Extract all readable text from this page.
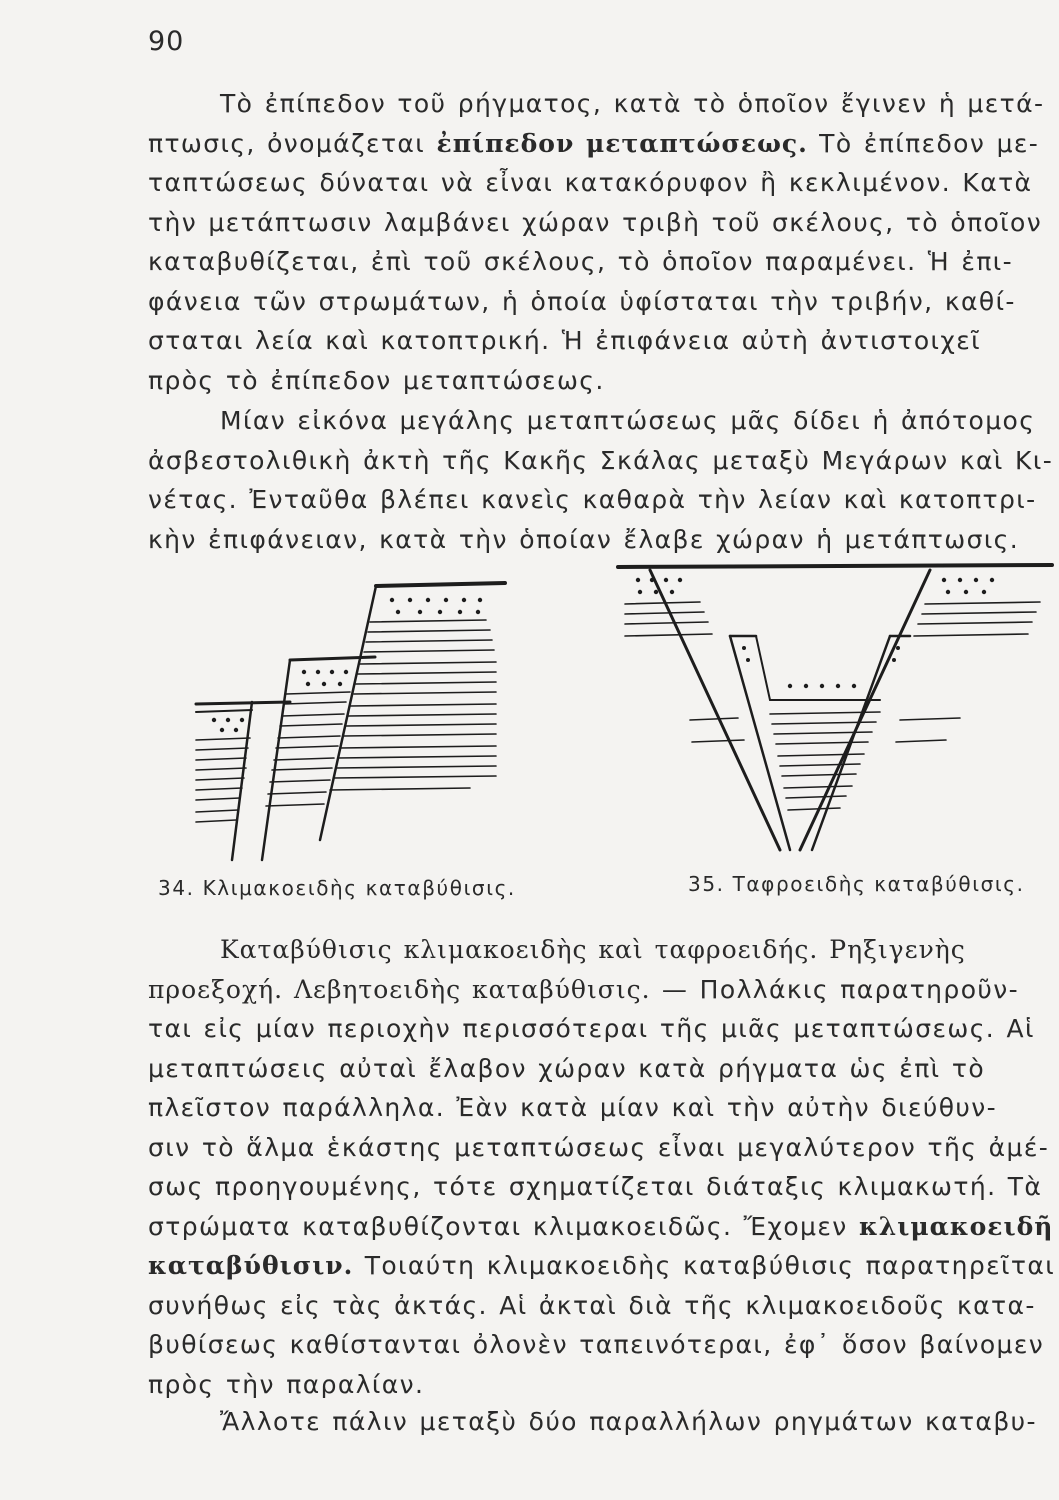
90

Τὸ ἐπίπεδον τοῦ ρήγματος, κατὰ τὸ ὁποῖον ἔγινεν ἡ μετά-
πτωσις, ὀνομάζεται ἐπίπεδον μεταπτώσεως. Τὸ ἐπίπεδον με-
ταπτώσεως δύναται νὰ εἶναι κατακόρυφον ἢ κεκλιμένον. Κατὰ
τὴν μετάπτωσιν λαμβάνει χώραν τριβὴ τοῦ σκέλους, τὸ ὁποῖον
καταβυθίζεται, ἐπὶ τοῦ σκέλους, τὸ ὁποῖον παραμένει. Ἡ ἐπι-
φάνεια τῶν στρωμάτων, ἡ ὁποία ὑφίσταται τὴν τριβήν, καθί-
σταται λεία καὶ κατοπτρική. Ἡ ἐπιφάνεια αὐτὴ ἀντιστοιχεῖ
πρὸς τὸ ἐπίπεδον μεταπτώσεως.

Μίαν εἰκόνα μεγάλης μεταπτώσεως μᾶς δίδει ἡ ἀπότομος
ἀσβεστολιθικὴ ἀκτὴ τῆς Κακῆς Σκάλας μεταξὺ Μεγάρων καὶ Κι-
νέτας. Ἐνταῦθα βλέπει κανεὶς καθαρὰ τὴν λείαν καὶ κατοπτρι-
κὴν ἐπιφάνειαν, κατὰ τὴν ὁποίαν ἔλαβε χώραν ἡ μετάπτωσις.

34. Κλιμακοειδὴς καταβύθισις.	35. Ταφροειδὴς καταβύθισις.

Καταβύθισις κλιμακοειδὴς καὶ ταφροειδής. Ρηξιγενὴς
προεξοχή. Λεβητοειδὴς καταβύθισις. — Πολλάκις παρατηροῦν-
ται εἰς μίαν περιοχὴν περισσότεραι τῆς μιᾶς μεταπτώσεως. Αἱ
μεταπτώσεις αὐταὶ ἔλαβον χώραν κατὰ ρήγματα ὡς ἐπὶ τὸ
πλεῖστον παράλληλα. Ἐὰν κατὰ μίαν καὶ τὴν αὐτὴν διεύθυν-
σιν τὸ ἅλμα ἑκάστης μεταπτώσεως εἶναι μεγαλύτερον τῆς ἀμέ-
σως προηγουμένης, τότε σχηματίζεται διάταξις κλιμακωτή. Τὰ
στρώματα καταβυθίζονται κλιμακοειδῶς. Ἔχομεν κλιμακοειδῆ
καταβύθισιν. Τοιαύτη κλιμακοειδὴς καταβύθισις παρατηρεῖται
συνήθως εἰς τὰς ἀκτάς. Αἱ ἀκταὶ διὰ τῆς κλιμακοειδοῦς κατα-
βυθίσεως καθίστανται ὀλονὲν ταπεινότεραι, ἐφ᾽ ὅσον βαίνομεν
πρὸς τὴν παραλίαν.

Ἄλλοτε πάλιν μεταξὺ δύο παραλλήλων ρηγμάτων καταβυ-
